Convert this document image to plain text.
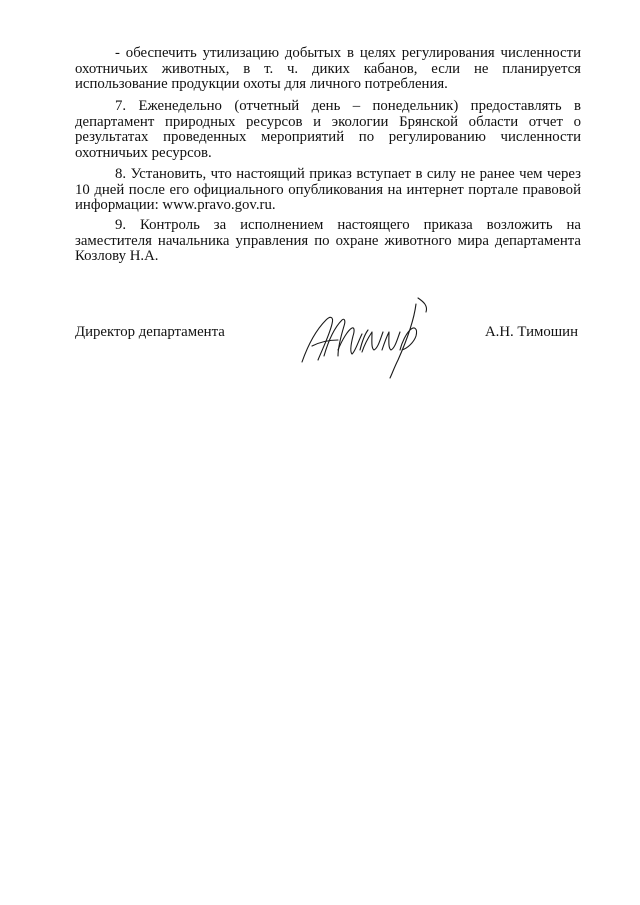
- обеспечить утилизацию добытых в целях регулирования численности
охотничьих животных, в т. ч. диких кабанов, если не планируется
использование продукции охоты для личного потребления.
7. Еженедельно (отчетный день – понедельник) предоставлять в
департамент природных ресурсов и экологии Брянской области отчет о
результатах проведенных мероприятий по регулированию численности
охотничьих ресурсов.
8. Установить, что настоящий приказ вступает в силу не ранее чем через
10 дней после его официального опубликования на интернет портале правовой
информации: www.pravo.gov.ru.
9. Контроль за исполнением настоящего приказа возложить на
заместителя начальника управления по охране животного мира департамента
Козлову Н.А.
Директор департамента	А.Н. Тимошин
